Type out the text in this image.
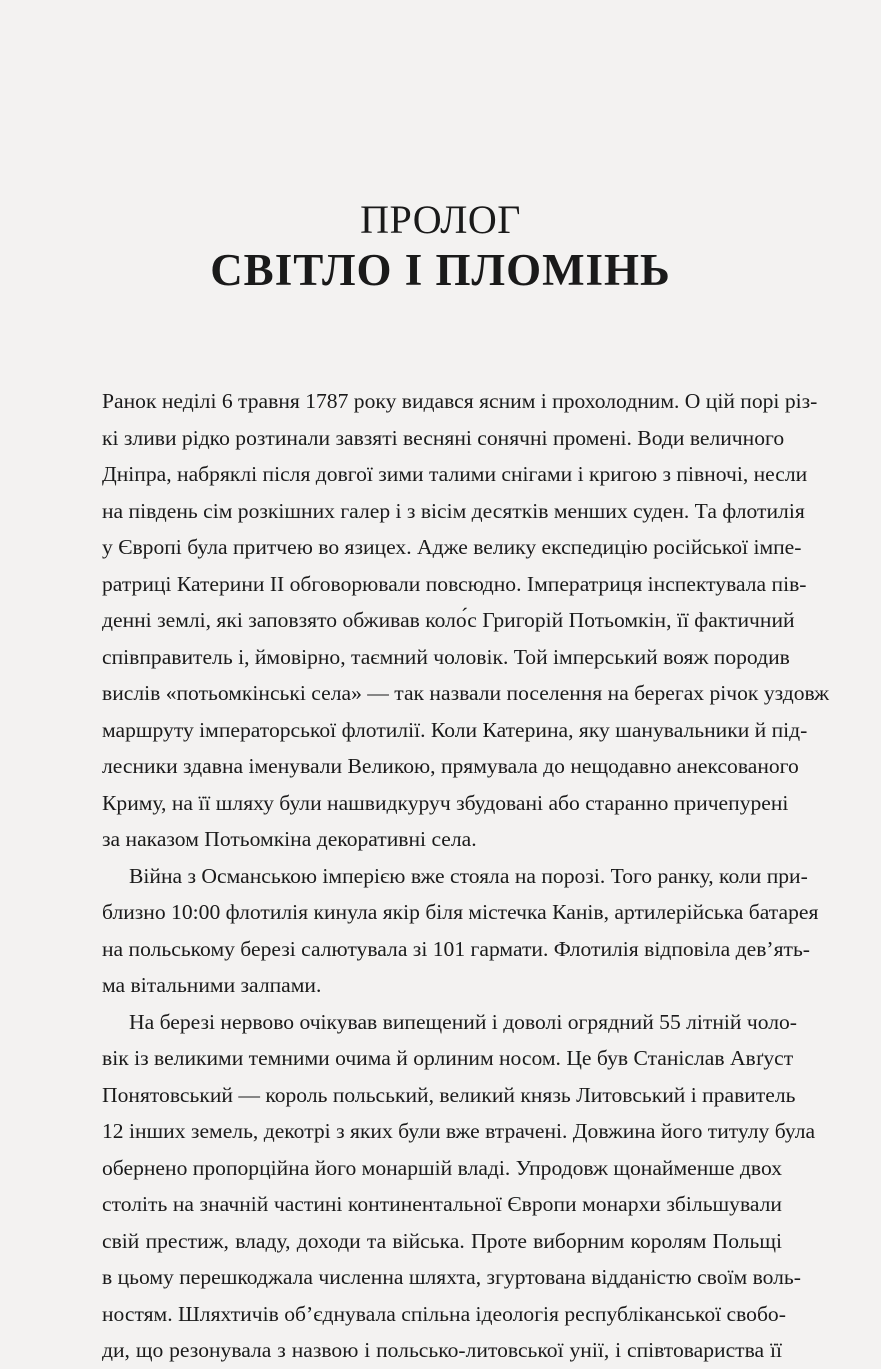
ПРОЛОГ
СВІТЛО І ПЛОМІНЬ
Ранок неділі 6 травня 1787 року видався ясним і прохолодним. О цій порі різ-
кі зливи рідко розтинали завзяті весняні сонячні промені. Води величного
Дніпра, набряклі після довгої зими талими снігами і кригою з півночі, несли
на південь сім розкішних галер і з вісім десятків менших суден. Та флотилія
у Європі була притчею во язицех. Адже велику експедицію російської імпе-
ратриці Катерини ІІ обговорювали повсюдно. Імператриця інспектувала пів-
денні землі, які заповзято обживав коло́с Григорій Потьомкін, її фактичний
співправитель і, ймовірно, таємний чоловік. Той імперський вояж породив
вислів «потьомкінські села» — так назвали поселення на берегах річок уздовж
маршруту імператорської флотилії. Коли Катерина, яку шанувальники й під-
лесники здавна іменували Великою, прямувала до нещодавно анексованого
Криму, на її шляху були нашвидкуруч збудовані або старанно причепурені
за наказом Потьомкіна декоративні села.
Війна з Османською імперією вже стояла на порозі. Того ранку, коли при-
близно 10:00 флотилія кинула якір біля містечка Канів, артилерійська батарея
на польському березі салютувала зі 101 гармати. Флотилія відповіла дев’ять-
ма вітальними залпами.
На березі нервово очікував випещений і доволі огрядний 55 літній чоло-
вік із великими темними очима й орлиним носом. Це був Станіслав Авґуст
Понятовський — король польський, великий князь Литовський і правитель
12 інших земель, декотрі з яких були вже втрачені. Довжина його титулу була
обернено пропорційна його монаршій владі. Упродовж щонайменше двох
століть на значній частині континентальної Європи монархи збільшували
свій престиж, владу, доходи та війська. Проте виборним королям Польщі
в цьому перешкоджала численна шляхта, згуртована відданістю своїм воль-
ностям. Шляхтичів об’єднувала спільна ідеологія республіканської свобо-
ди, що резонувала з назвою і польсько-литовської унії, і співтовариства її
